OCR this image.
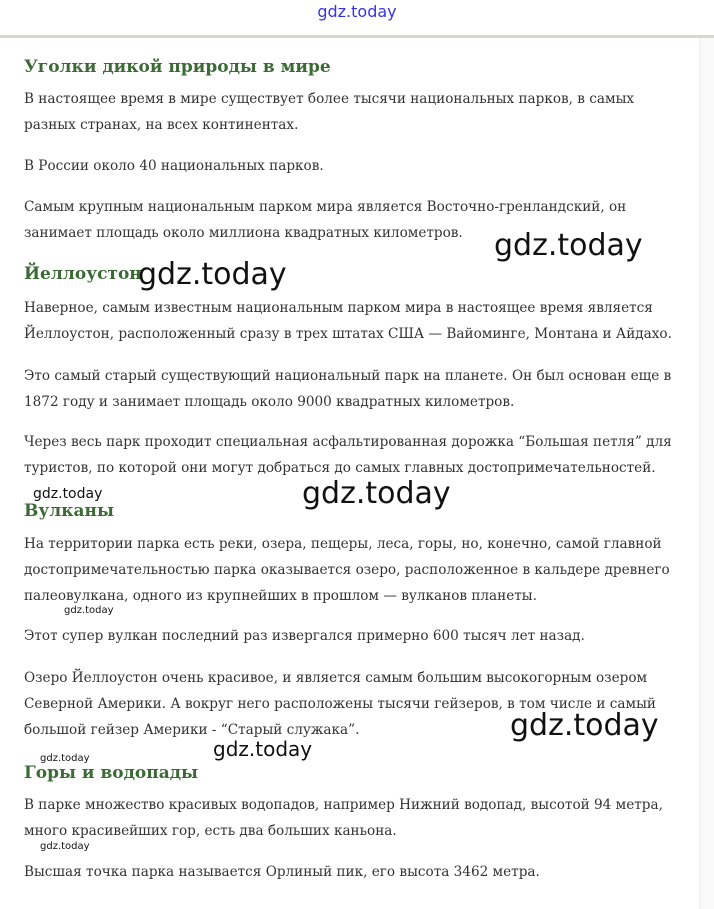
gdz.today
Уголки дикой природы в мире

В настоящее время в мире существует более тысячи национальных парков, в самых разных странах, на всех континентах.

В России около 40 национальных парков.

Самым крупным национальным парком мира является Восточно-гренландский, он занимает площадь около миллиона квадратных километров.

Йеллоустон

Наверное, самым известным национальным парком мира в настоящее время является Йеллоустон, расположенный сразу в трех штатах США — Вайоминге, Монтана и Айдахо.

Это самый старый существующий национальный парк на планете. Он был основан еще в 1872 году и занимает площадь около 9000 квадратных километров.

Через весь парк проходит специальная асфальтированная дорожка “Большая петля” для туристов, по которой они могут добраться до самых главных достопримечательностей.

Вулканы

На территории парка есть реки, озера, пещеры, леса, горы, но, конечно, самой главной достопримечательностью парка оказывается озеро, расположенное в кальдере древнего палеовулкана, одного из крупнейших в прошлом — вулканов планеты.

Этот супер вулкан последний раз извергался примерно 600 тысяч лет назад.

Озеро Йеллоустон очень красивое, и является самым большим высокогорным озером Северной Америки. А вокруг него расположены тысячи гейзеров, в том числе и самый большой гейзер Америки - “Старый служака”.

Горы и водопады

В парке множество красивых водопадов, например Нижний водопад, высотой 94 метра, много красивейших гор, есть два больших каньона.

Высшая точка парка называется Орлиный пик, его высота 3462 метра.

gdz.today
gdz.today
gdz.today
gdz.today
gdz.today
gdz.today
gdz.today
gdz.today
gdz.today
